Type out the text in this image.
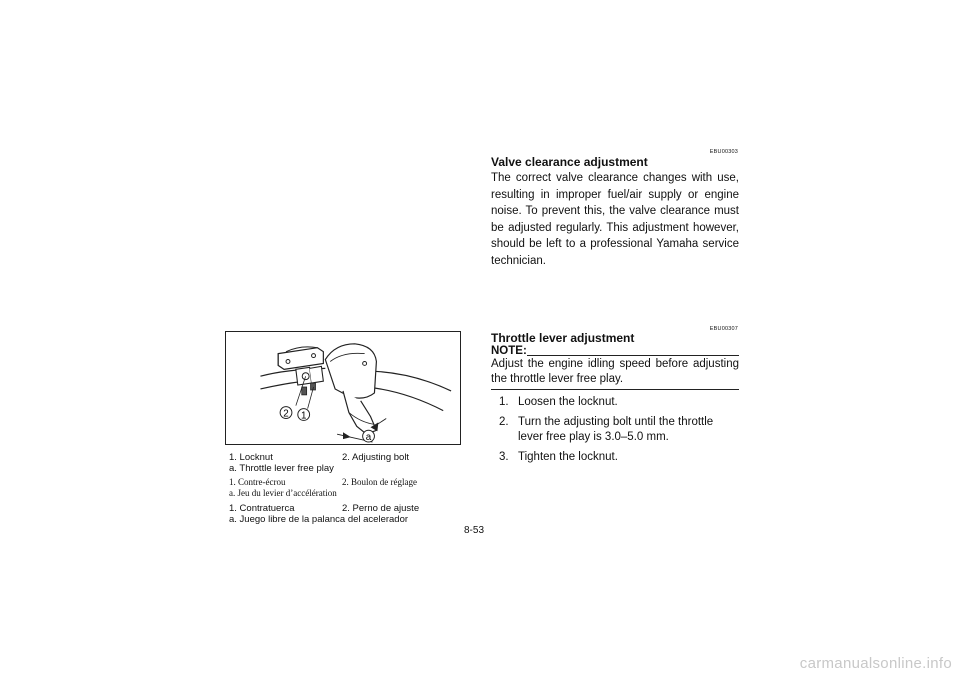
2 1
a
1. Locknut	2. Adjusting bolt
a. Throttle lever free play
1. Contre-écrou	2. Boulon de réglage
a. Jeu du levier d’accélération
1. Contratuerca	2. Perno de ajuste
a. Juego libre de la palanca del acelerador
EBU00303
Valve clearance adjustment
The correct valve clearance changes with use, resulting in improper fuel/air supply or engine noise. To prevent this, the valve clearance must be adjusted regularly. This adjustment however, should be left to a professional Yamaha service technician.
EBU00307
Throttle lever adjustment
NOTE:
Adjust the engine idling speed before adjusting the throttle lever free play.
1. Loosen the locknut.
2. Turn the adjusting bolt until the throttle lever free play is 3.0–5.0 mm.
3. Tighten the locknut.
8-53
carmanualsonline.info
